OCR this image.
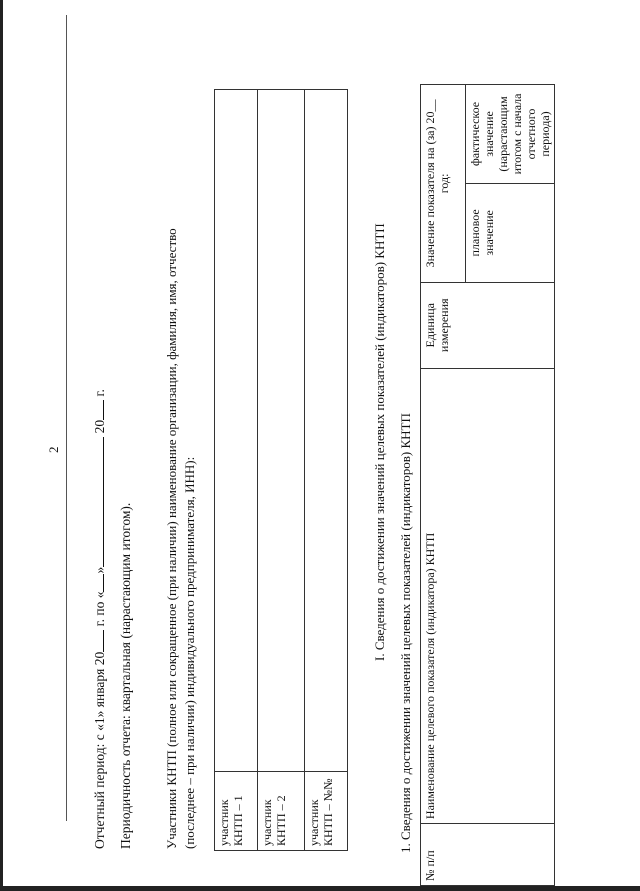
2
Отчетный период: с «1» января 20 г. по «» 20 г.
Периодичность отчета: квартальная (нарастающим итогом). Участники КНТП (полное или сокращенное (при наличии) наименование организации, фамилия, имя, отчество (последнее – при наличии) индивидуального предпринимателя, ИНН): участник
КНТП – 1	
участник
КНТП – 2	
участник
КНТП – №№	
I. Сведения о достижении значений целевых показателей (индикаторов) КНТП 1. Сведения о достижении значений целевых показателей (индикаторов) КНТП
№ п/п	Наименование целевого показателя (индикатора) КНТП	Единица измерения	Значение показателя на (за) 20__ год:	
			плановое значение	фактическое значение (нарастающим итогом с начала отчетного периода)
